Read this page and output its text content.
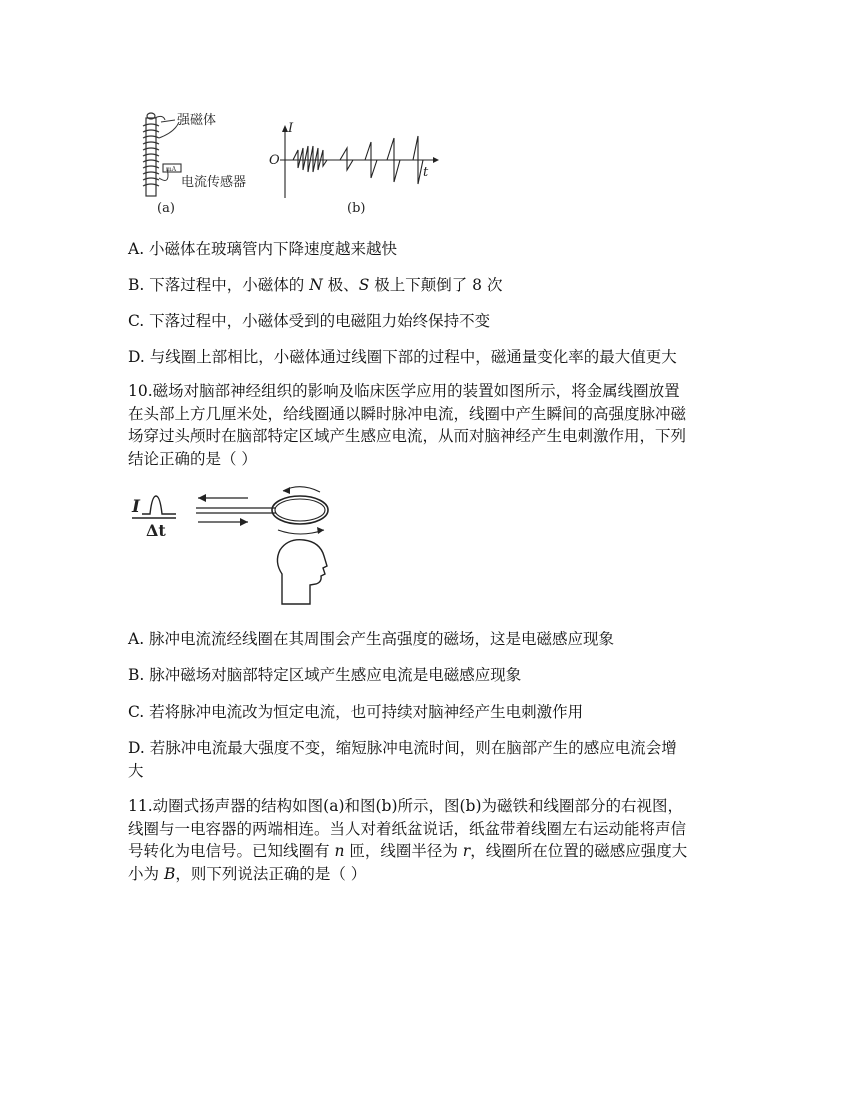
mA
强磁体
电流传感器
(a)
I
O
t
(b)
A. 小磁体在玻璃管内下降速度越来越快
B. 下落过程中，小磁体的 N 极、S 极上下颠倒了 8 次
C. 下落过程中，小磁体受到的电磁阻力始终保持不变
D. 与线圈上部相比，小磁体通过线圈下部的过程中，磁通量变化率的最大值更大
10.磁场对脑部神经组织的影响及临床医学应用的装置如图所示，将金属线圈放置
在头部上方几厘米处，给线圈通以瞬时脉冲电流，线圈中产生瞬间的高强度脉冲磁
场穿过头颅时在脑部特定区域产生感应电流，从而对脑神经产生电刺激作用，下列
结论正确的是（ ）
I
Δt
A. 脉冲电流流经线圈在其周围会产生高强度的磁场，这是电磁感应现象
B. 脉冲磁场对脑部特定区域产生感应电流是电磁感应现象
C. 若将脉冲电流改为恒定电流，也可持续对脑神经产生电刺激作用
D. 若脉冲电流最大强度不变，缩短脉冲电流时间，则在脑部产生的感应电流会增
大
11.动圈式扬声器的结构如图(a)和图(b)所示，图(b)为磁铁和线圈部分的右视图，
线圈与一电容器的两端相连。当人对着纸盆说话，纸盆带着线圈左右运动能将声信
号转化为电信号。已知线圈有 n 匝，线圈半径为 r，线圈所在位置的磁感应强度大
小为 B，则下列说法正确的是（ ）
